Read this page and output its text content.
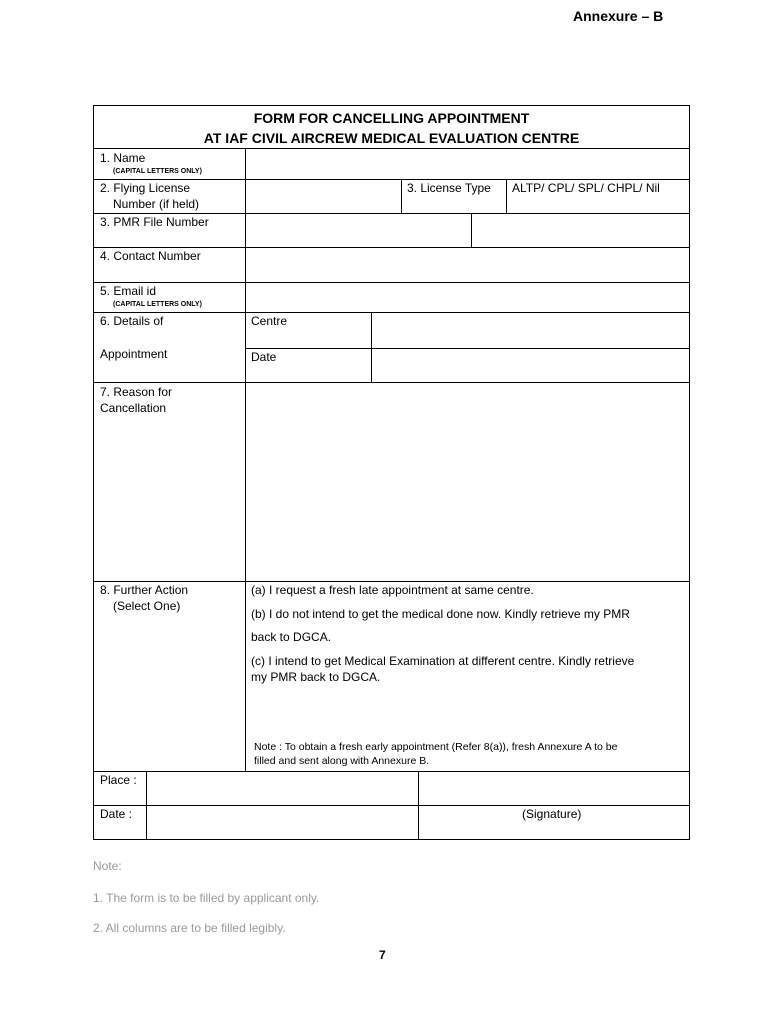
Annexure – B
FORM FOR CANCELLING APPOINTMENT
AT IAF CIVIL AIRCREW MEDICAL EVALUATION CENTRE
1. Name
(CAPITAL LETTERS ONLY)
2. Flying License
Number (if held)
3. License Type ALTP/ CPL/ SPL/ CHPL/ Nil
3. PMR File Number
4. Contact Number
5. Email id
(CAPITAL LETTERS ONLY)
6. Details of
Appointment
Centre
Date
7. Reason for
Cancellation
8. Further Action
(Select One)
(a) I request a fresh late appointment at same centre.
(b) I do not intend to get the medical done now. Kindly retrieve my PMR
back to DGCA.
(c) I intend to get Medical Examination at different centre. Kindly retrieve
my PMR back to DGCA.
Note : To obtain a fresh early appointment (Refer 8(a)), fresh Annexure A to be
filled and sent along with Annexure B.
Place :
Date :	(Signature)
Note:
1. The form is to be filled by applicant only.
2. All columns are to be filled legibly.
7
